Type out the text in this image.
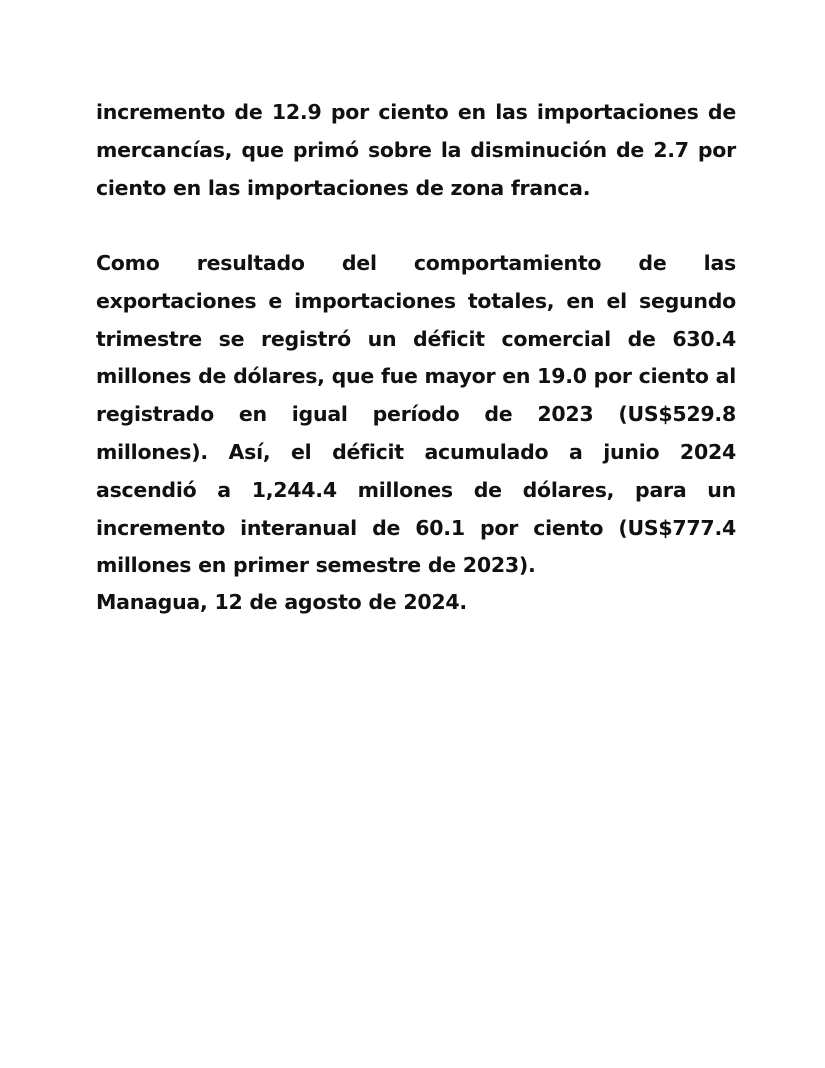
incremento de 12.9 por ciento en las importaciones de mercancías, que primó sobre la disminución de 2.7 por ciento en las importaciones de zona franca.

Como resultado del comportamiento de las exportaciones e importaciones totales, en el segundo trimestre se registró un déficit comercial de 630.4 millones de dólares, que fue mayor en 19.0 por ciento al registrado en igual período de 2023 (US$529.8 millones). Así, el déficit acumulado a junio 2024 ascendió a 1,244.4 millones de dólares, para un incremento interanual de 60.1 por ciento (US$777.4 millones en primer semestre de 2023).

Managua, 12 de agosto de 2024.
